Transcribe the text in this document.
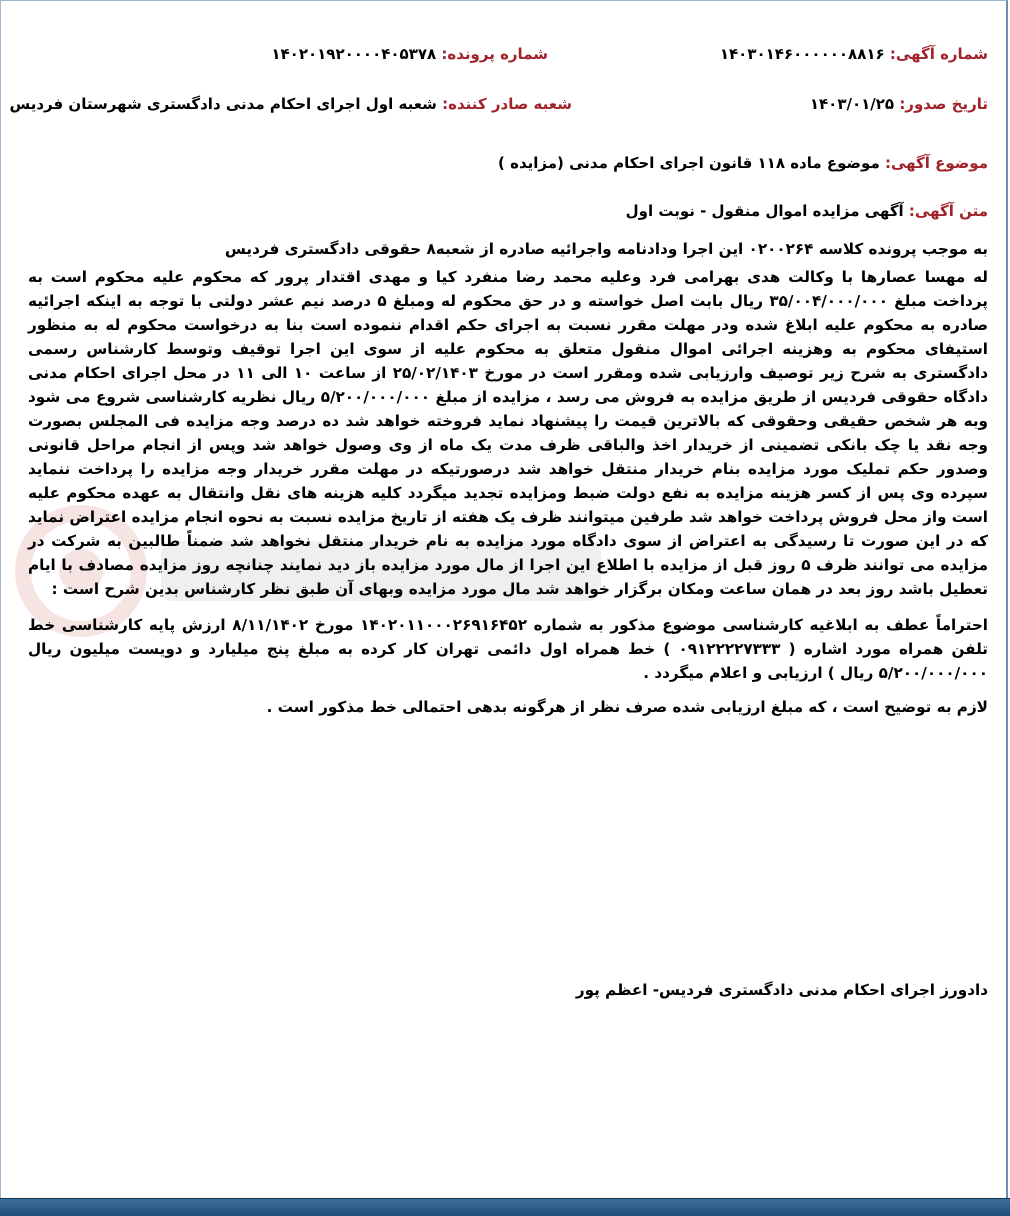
شماره آگهی: ۱۴۰۳۰۱۴۶۰۰۰۰۰۰۸۸۱۶
شماره پرونده: ۱۴۰۲۰۱۹۲۰۰۰۰۴۰۵۳۷۸
تاریخ صدور: ۱۴۰۳/۰۱/۲۵
شعبه صادر کننده: شعبه اول اجرای احکام مدنی دادگستری شهرستان فردیس
موضوع آگهی: موضوع ماده ۱۱۸ قانون اجرای احکام مدنی (مزایده )
متن آگهی: آگهی مزایده اموال منقول - نوبت اول

به موجب پرونده کلاسه ۰۲۰۰۲۶۴ این اجرا ودادنامه واجرائیه صادره از شعبه۸ حقوقی دادگستری فردیس

له مهسا عصارها با وکالت هدی بهرامی فرد وعلیه محمد رضا منفرد کیا و مهدی اقتدار پرور که محکوم علیه محکوم است به پرداخت مبلغ ۳۵/۰۰۴/۰۰۰/۰۰۰ ریال بابت اصل خواسته و در حق محکوم له ومبلغ ۵ درصد نیم عشر دولتی با توجه به اینکه اجرائیه صادره به محکوم علیه ابلاغ شده ودر مهلت مقرر نسبت به اجرای حکم اقدام ننموده است بنا به درخواست محکوم له به منظور استیفای محکوم به وهزینه اجرائی اموال منقول متعلق به محکوم علیه از سوی این اجرا توقیف وتوسط کارشناس رسمی دادگستری به شرح زیر توصیف وارزیابی شده ومقرر است در مورخ ۲۵/۰۲/۱۴۰۳ از ساعت ۱۰ الی ۱۱ در محل اجرای احکام مدنی دادگاه حقوقی فردیس از طریق مزایده به فروش می رسد ، مزایده از مبلغ ۵/۲۰۰/۰۰۰/۰۰۰ ریال نظریه کارشناسی شروع می شود وبه هر شخص حقیقی وحقوقی که بالاترین قیمت را پیشنهاد نماید فروخته خواهد شد ده درصد وجه مزایده فی المجلس بصورت وجه نقد یا چک بانکی تضمینی از خریدار اخذ والباقی ظرف مدت یک ماه از وی وصول خواهد شد وپس از انجام مراحل قانونی وصدور حکم تملیک مورد مزایده بنام خریدار منتقل خواهد شد درصورتیکه در مهلت مقرر خریدار وجه مزایده را پرداخت ننماید سپرده وی پس از کسر هزینه مزایده به نفع دولت ضبط ومزایده تجدید میگردد کلیه هزینه های نقل وانتقال به عهده محکوم علیه است واز محل فروش پرداخت خواهد شد طرفین میتوانند ظرف یک هفته از تاریخ مزایده نسبت به نحوه انجام مزایده اعتراض نماید که در این صورت تا رسیدگی به اعتراض از سوی دادگاه مورد مزایده به نام خریدار منتقل نخواهد شد ضمناً طالبین به شرکت در مزایده می توانند ظرف ۵ روز قبل از مزایده با اطلاع این اجرا از مال مورد مزایده باز دید نمایند چنانچه روز مزایده مصادف با ایام تعطیل باشد روز بعد در همان ساعت ومکان برگزار خواهد شد مال مورد مزایده وبهای آن طبق نظر کارشناس بدین شرح است :

احتراماً عطف به ابلاغیه کارشناسی موضوع مذکور به شماره ۱۴۰۲۰۱۱۰۰۰۲۶۹۱۶۴۵۲ مورخ ۸/۱۱/۱۴۰۲ ارزش پایه کارشناسی خط تلفن همراه مورد اشاره ( ۰۹۱۲۲۲۲۷۳۳۳ ) خط همراه اول دائمی تهران کار کرده به مبلغ پنج میلیارد و دویست میلیون ریال ۵/۲۰۰/۰۰۰/۰۰۰ ریال ) ارزیابی و اعلام میگردد .

لازم به توضیح است ، که مبلغ ارزیابی شده صرف نظر از هرگونه بدهی احتمالی خط مذکور است .

دادورز اجرای احکام مدنی دادگستری فردیس- اعظم پور
